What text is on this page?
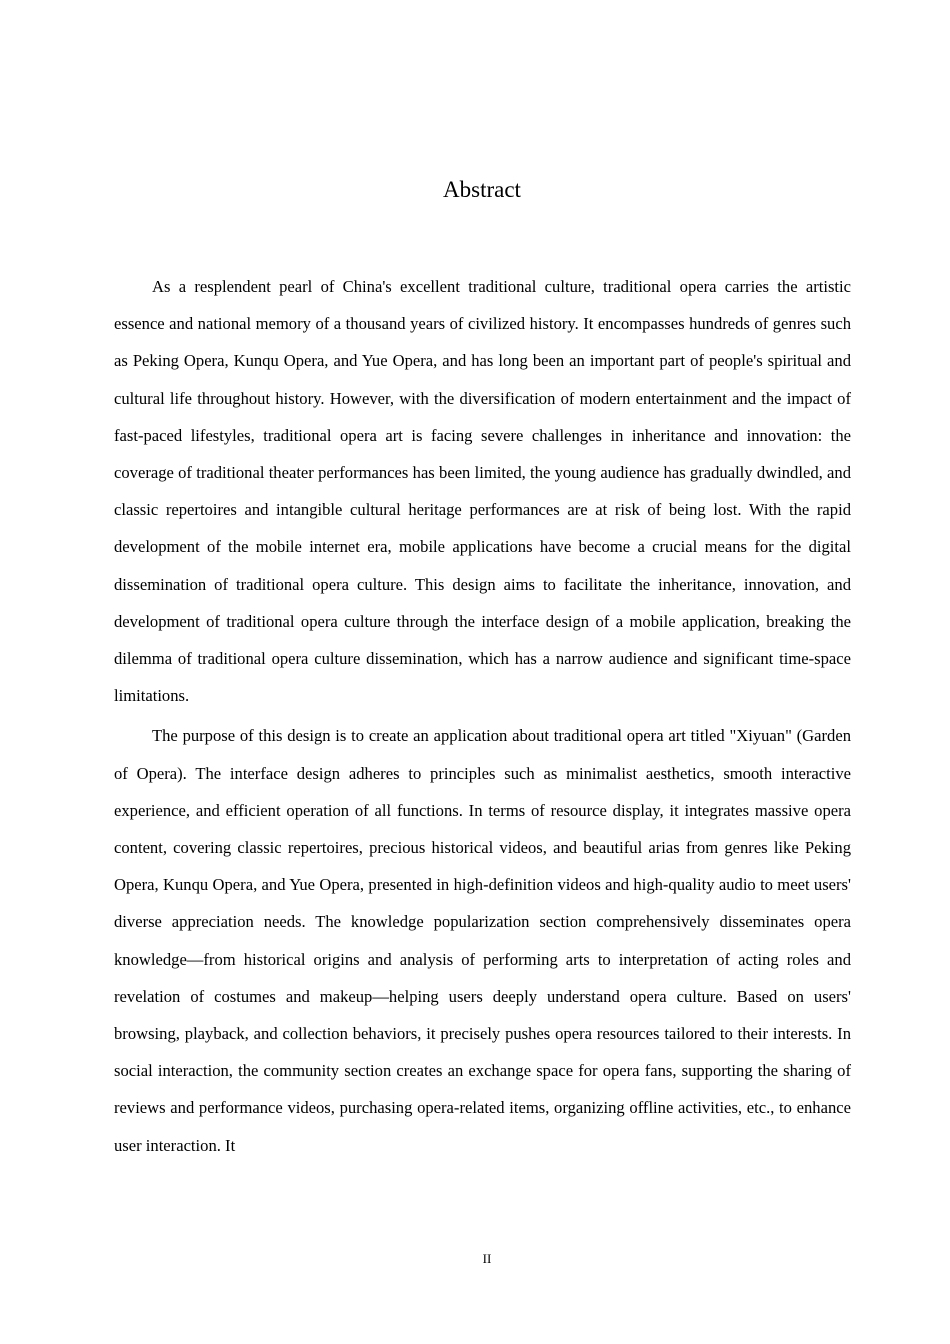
Abstract

As a resplendent pearl of China's excellent traditional culture, traditional opera carries the artistic essence and national memory of a thousand years of civilized history. It encompasses hundreds of genres such as Peking Opera, Kunqu Opera, and Yue Opera, and has long been an important part of people's spiritual and cultural life throughout history. However, with the diversification of modern entertainment and the impact of fast-paced lifestyles, traditional opera art is facing severe challenges in inheritance and innovation: the coverage of traditional theater performances has been limited, the young audience has gradually dwindled, and classic repertoires and intangible cultural heritage performances are at risk of being lost. With the rapid development of the mobile internet era, mobile applications have become a crucial means for the digital dissemination of traditional opera culture. This design aims to facilitate the inheritance, innovation, and development of traditional opera culture through the interface design of a mobile application, breaking the dilemma of traditional opera culture dissemination, which has a narrow audience and significant time-space limitations.

The purpose of this design is to create an application about traditional opera art titled "Xiyuan" (Garden of Opera). The interface design adheres to principles such as minimalist aesthetics, smooth interactive experience, and efficient operation of all functions. In terms of resource display, it integrates massive opera content, covering classic repertoires, precious historical videos, and beautiful arias from genres like Peking Opera, Kunqu Opera, and Yue Opera, presented in high-definition videos and high-quality audio to meet users' diverse appreciation needs. The knowledge popularization section comprehensively disseminates opera knowledge—from historical origins and analysis of performing arts to interpretation of acting roles and revelation of costumes and makeup—helping users deeply understand opera culture. Based on users' browsing, playback, and collection behaviors, it precisely pushes opera resources tailored to their interests. In social interaction, the community section creates an exchange space for opera fans, supporting the sharing of reviews and performance videos, purchasing opera-related items, organizing offline activities, etc., to enhance user interaction. It

II
